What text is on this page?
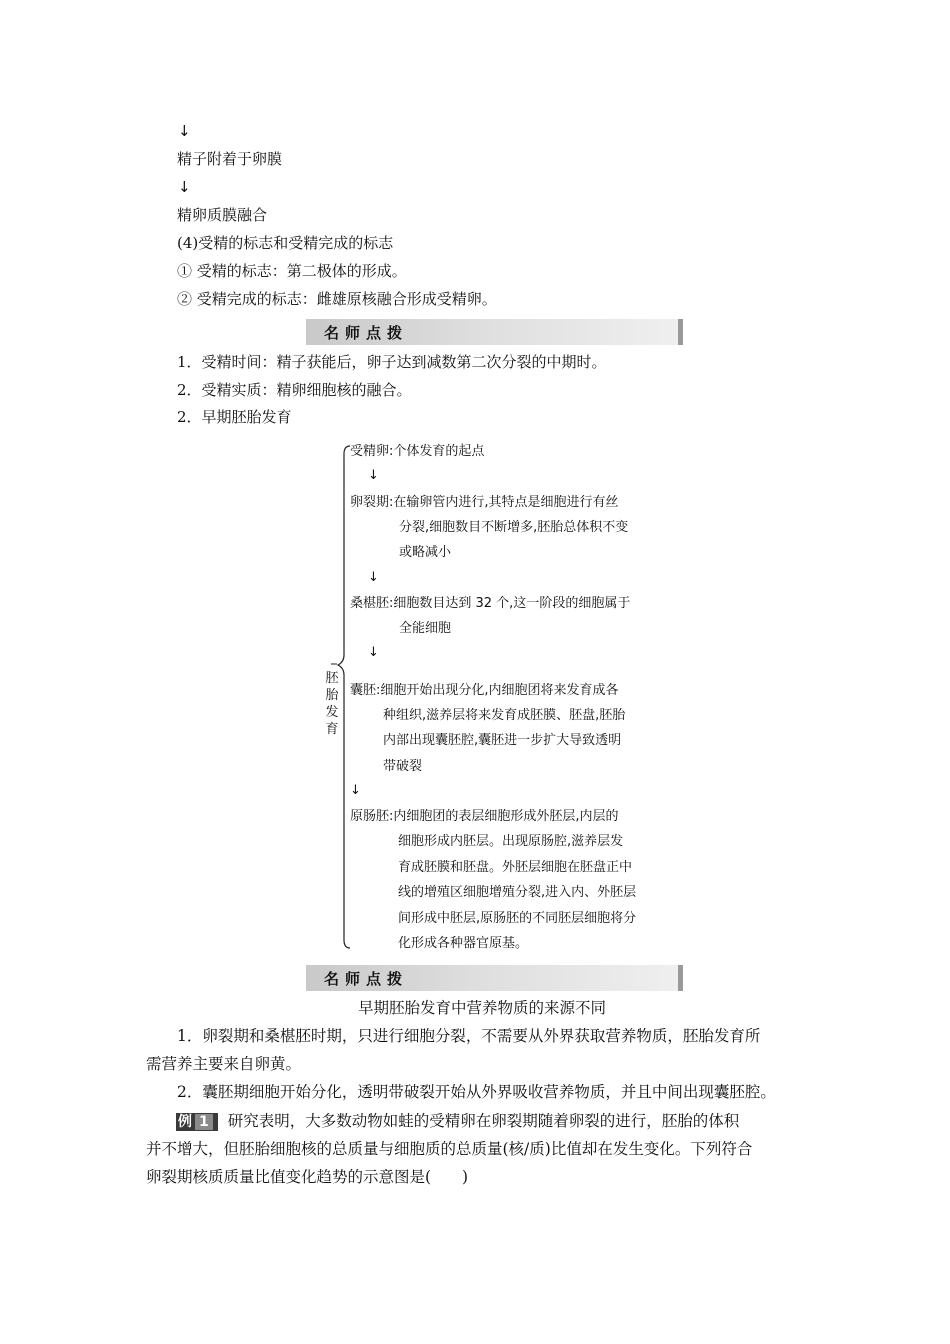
↓
精子附着于卵膜
↓
精卵质膜融合
(4)受精的标志和受精完成的标志
① 受精的标志：第二极体的形成。
② 受精完成的标志：雌雄原核融合形成受精卵。
名师点拨
1．受精时间：精子获能后，卵子达到减数第二次分裂的中期时。
2．受精实质：精卵细胞核的融合。
2．早期胚胎发育
胚
胎
发
育
受精卵:个体发育的起点
↓
卵裂期:在输卵管内进行,其特点是细胞进行有丝
分裂,细胞数目不断增多,胚胎总体积不变
或略减小
↓
桑椹胚:细胞数目达到 32 个,这一阶段的细胞属于
全能细胞
↓
囊胚:细胞开始出现分化,内细胞团将来发育成各
种组织,滋养层将来发育成胚膜、胚盘,胚胎
内部出现囊胚腔,囊胚进一步扩大导致透明
带破裂
↓
原肠胚:内细胞团的表层细胞形成外胚层,内层的
细胞形成内胚层。出现原肠腔,滋养层发
育成胚膜和胚盘。外胚层细胞在胚盘正中
线的增殖区细胞增殖分裂,进入内、外胚层
间形成中胚层,原肠胚的不同胚层细胞将分
化形成各种器官原基。
名师点拨
早期胚胎发育中营养物质的来源不同
1．卵裂期和桑椹胚时期，只进行细胞分裂，不需要从外界获取营养物质，胚胎发育所
需营养主要来自卵黄。
2．囊胚期细胞开始分化，透明带破裂开始从外界吸收营养物质，并且中间出现囊胚腔。
例 1 研究表明，大多数动物如蛙的受精卵在卵裂期随着卵裂的进行，胚胎的体积
并不增大，但胚胎细胞核的总质量与细胞质的总质量(核/质)比值却在发生变化。下列符合
卵裂期核质质量比值变化趋势的示意图是(　　)
